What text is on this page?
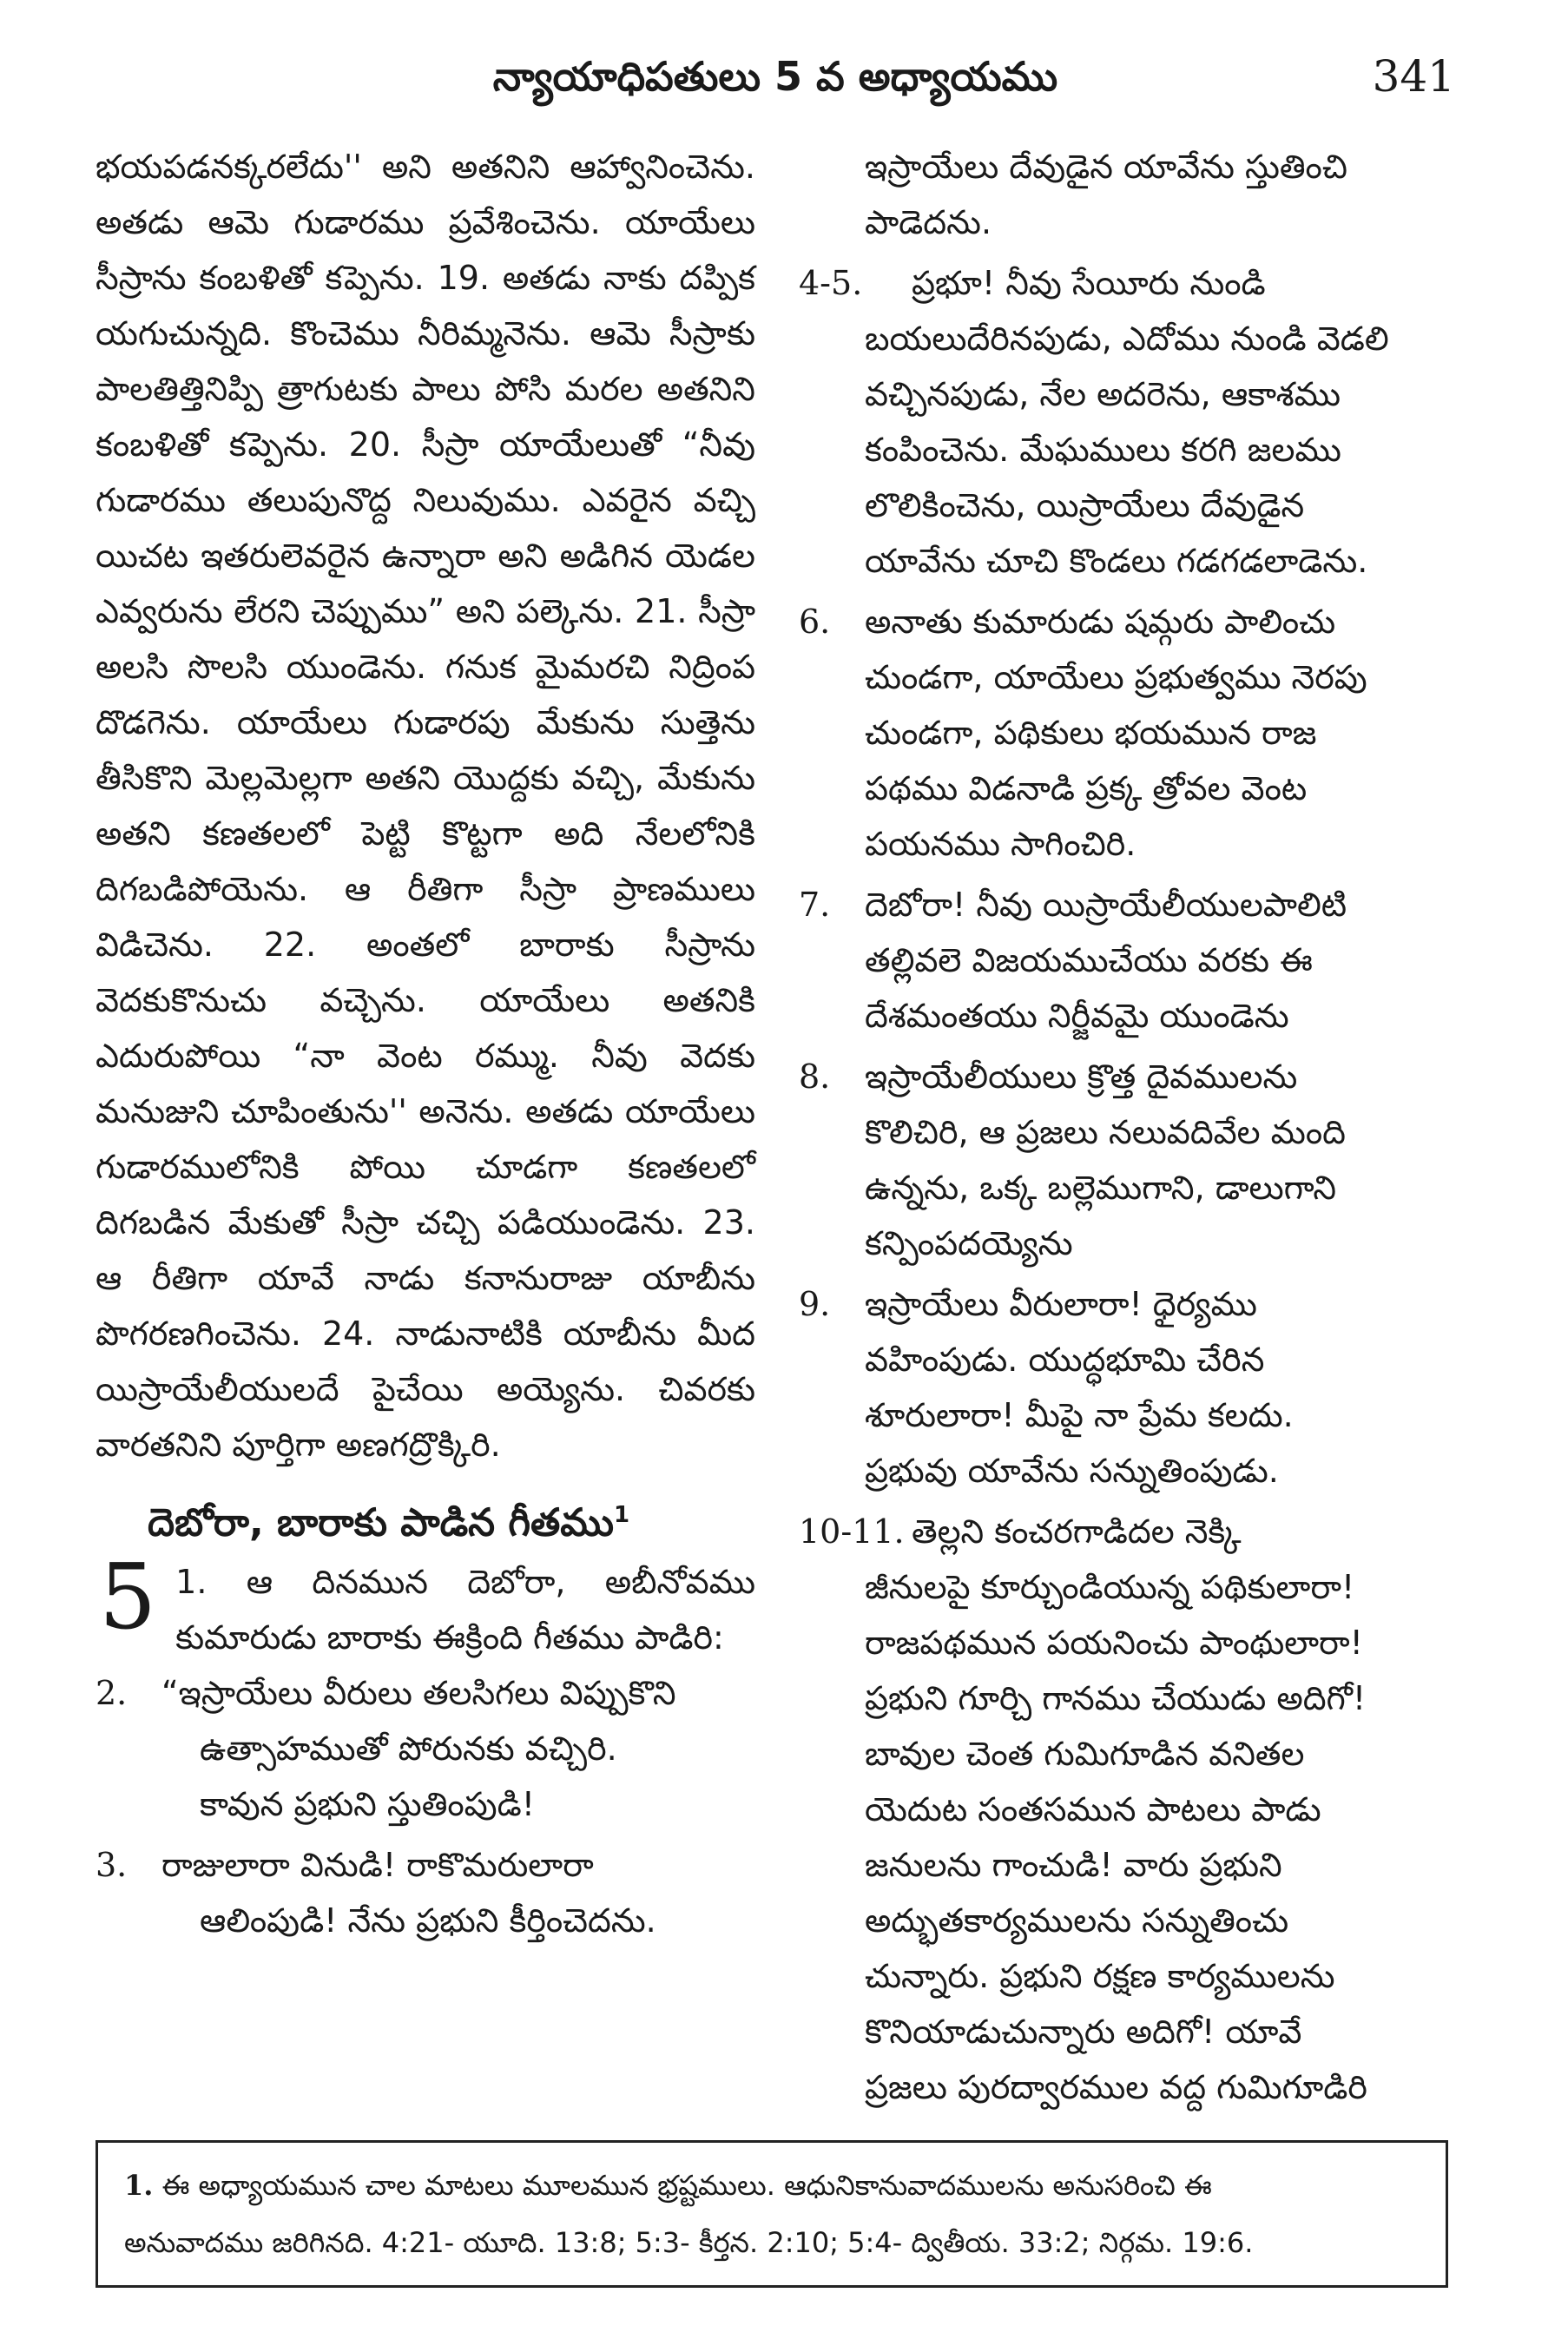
న్యాయాధిపతులు 5 వ అధ్యాయము	341

భయపడనక్కరలేదు'' అని అతనిని ఆహ్వానించెను. అతడు ఆమె గుడారము ప్రవేశించెను. యాయేలు సీస్రాను కంబళితో కప్పెను. 19. అతడు నాకు దప్పిక యగుచున్నది. కొంచెము నీరిమ్మనెను. ఆమె సీస్రాకు పాలతిత్తినిప్పి త్రాగుటకు పాలు పోసి మరల అతనిని కంబళితో కప్పెను. 20. సీస్రా యాయేలుతో “నీవు గుడారము తలుపునొద్ద నిలువుము. ఎవరైన వచ్చి యిచట ఇతరులెవరైన ఉన్నారా అని అడిగిన యెడల ఎవ్వరును లేరని చెప్పుము” అని పల్కెను. 21. సీస్రా అలసి సొలసి యుండెను. గనుక మైమరచి నిద్రింప దొడగెను. యాయేలు గుడారపు మేకును సుత్తెను తీసికొని మెల్లమెల్లగా అతని యొద్దకు వచ్చి, మేకును అతని కణతలలో పెట్టి కొట్టగా అది నేలలోనికి దిగబడిపోయెను. ఆ రీతిగా సీస్రా ప్రాణములు విడిచెను. 22. అంతలో బారాకు సీస్రాను వెదకుకొనుచు వచ్చెను. యాయేలు అతనికి ఎదురుపోయి “నా వెంట రమ్ము. నీవు వెదకు మనుజుని చూపింతును'' అనెను. అతడు యాయేలు గుడారములోనికి పోయి చూడగా కణతలలో దిగబడిన మేకుతో సీస్రా చచ్చి పడియుండెను. 23. ఆ రీతిగా యావే నాడు కనానురాజు యాబీను పొగరణగించెను. 24. నాడునాటికి యాబీను మీద యిస్రాయేలీయులదే పైచేయి అయ్యెను. చివరకు వారతనిని పూర్తిగా అణగద్రొక్కిరి.

దెబోరా, బారాకు పాడిన గీతము$^1$
5 1. ఆ దినమున దెబోరా, అబీనోవము కుమారుడు బారాకు ఈక్రింది గీతము పాడిరి:

2.	“ఇస్రాయేలు వీరులు తలసిగలు విప్పుకొని
ఉత్సాహముతో పోరునకు వచ్చిరి.
కావున ప్రభుని స్తుతింపుడి!
3.	రాజులారా వినుడి! రాకొమరులారా
ఆలింపుడి! నేను ప్రభుని కీర్తించెదను.
ఇస్రాయేలు దేవుడైన యావేను స్తుతించి
పాడెదను.
4-5.	ప్రభూ! నీవు సేయీరు నుండి
బయలుదేరినపుడు, ఎదోము నుండి వెడలి
వచ్చినపుడు, నేల అదరెను, ఆకాశము
కంపించెను. మేఘములు కరగి జలము
లొలికించెను, యిస్రాయేలు దేవుడైన
యావేను చూచి కొండలు గడగడలాడెను.
6.	అనాతు కుమారుడు షమ్గరు పాలించు
చుండగా, యాయేలు ప్రభుత్వము నెరపు
చుండగా, పథికులు భయమున రాజ
పథము విడనాడి ప్రక్క త్రోవల వెంట
పయనము సాగించిరి.
7.	దెబోరా! నీవు యిస్రాయేలీయులపాలిటి
తల్లివలె విజయముచేయు వరకు ఈ
దేశమంతయు నిర్జీవమై యుండెను
8.	ఇస్రాయేలీయులు క్రొత్త దైవములను
కొలిచిరి, ఆ ప్రజలు నలువదివేల మంది
ఉన్నను, ఒక్క బల్లెముగాని, డాలుగాని
కన్పింపదయ్యెను
9.	ఇస్రాయేలు వీరులారా! ధైర్యము
వహింపుడు. యుద్ధభూమి చేరిన
శూరులారా! మీపై నా ప్రేమ కలదు.
ప్రభువు యావేను సన్నుతింపుడు.
10-11. తెల్లని కంచరగాడిదల నెక్కి
జీనులపై కూర్చుండియున్న పథికులారా!
రాజపథమున పయనించు పాంథులారా!
ప్రభుని గూర్చి గానము చేయుడు అదిగో!
బావుల చెంత గుమిగూడిన వనితల
యెదుట సంతసమున పాటలు పాడు
జనులను గాంచుడి! వారు ప్రభుని
అద్భుతకార్యములను సన్నుతించు
చున్నారు. ప్రభుని రక్షణ కార్యములను
కొనియాడుచున్నారు అదిగో! యావే
ప్రజలు పురద్వారముల వద్ద గుమిగూడిరి
1. ఈ అధ్యాయమున చాల మాటలు మూలమున భ్రష్టములు. ఆధునికానువాదములను అనుసరించి ఈ
అనువాదము జరిగినది. 4:21- యూది. 13:8; 5:3- కీర్తన. 2:10; 5:4- ద్వితీయ. 33:2; నిర్గమ. 19:6.
